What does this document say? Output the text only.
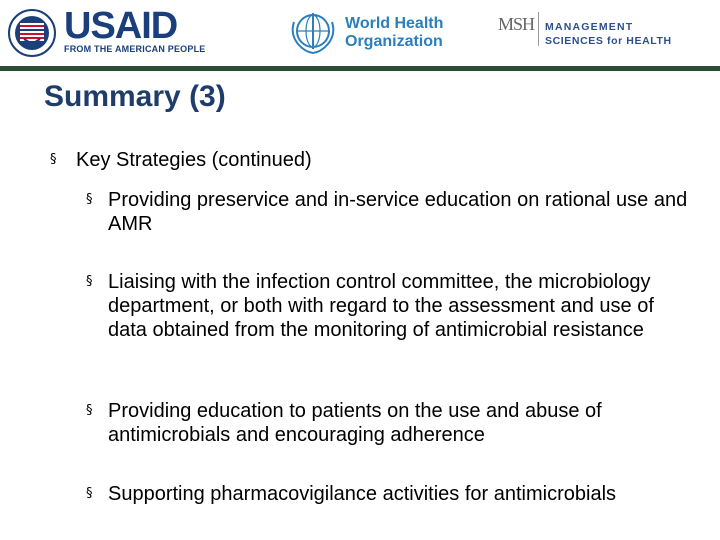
USAID
FROM THE AMERICAN PEOPLE
World Health
Organization
MSH MANAGEMENT
SCIENCES for HEALTH
Summary (3)
§ Key Strategies (continued)
§ Providing preservice and in-service education on rational use and AMR
§ Liaising with the infection control committee, the microbiology department, or both with regard to the assessment and use of data obtained from the monitoring of antimicrobial resistance
§ Providing education to patients on the use and abuse of antimicrobials and encouraging adherence
§ Supporting pharmacovigilance activities for antimicrobials
